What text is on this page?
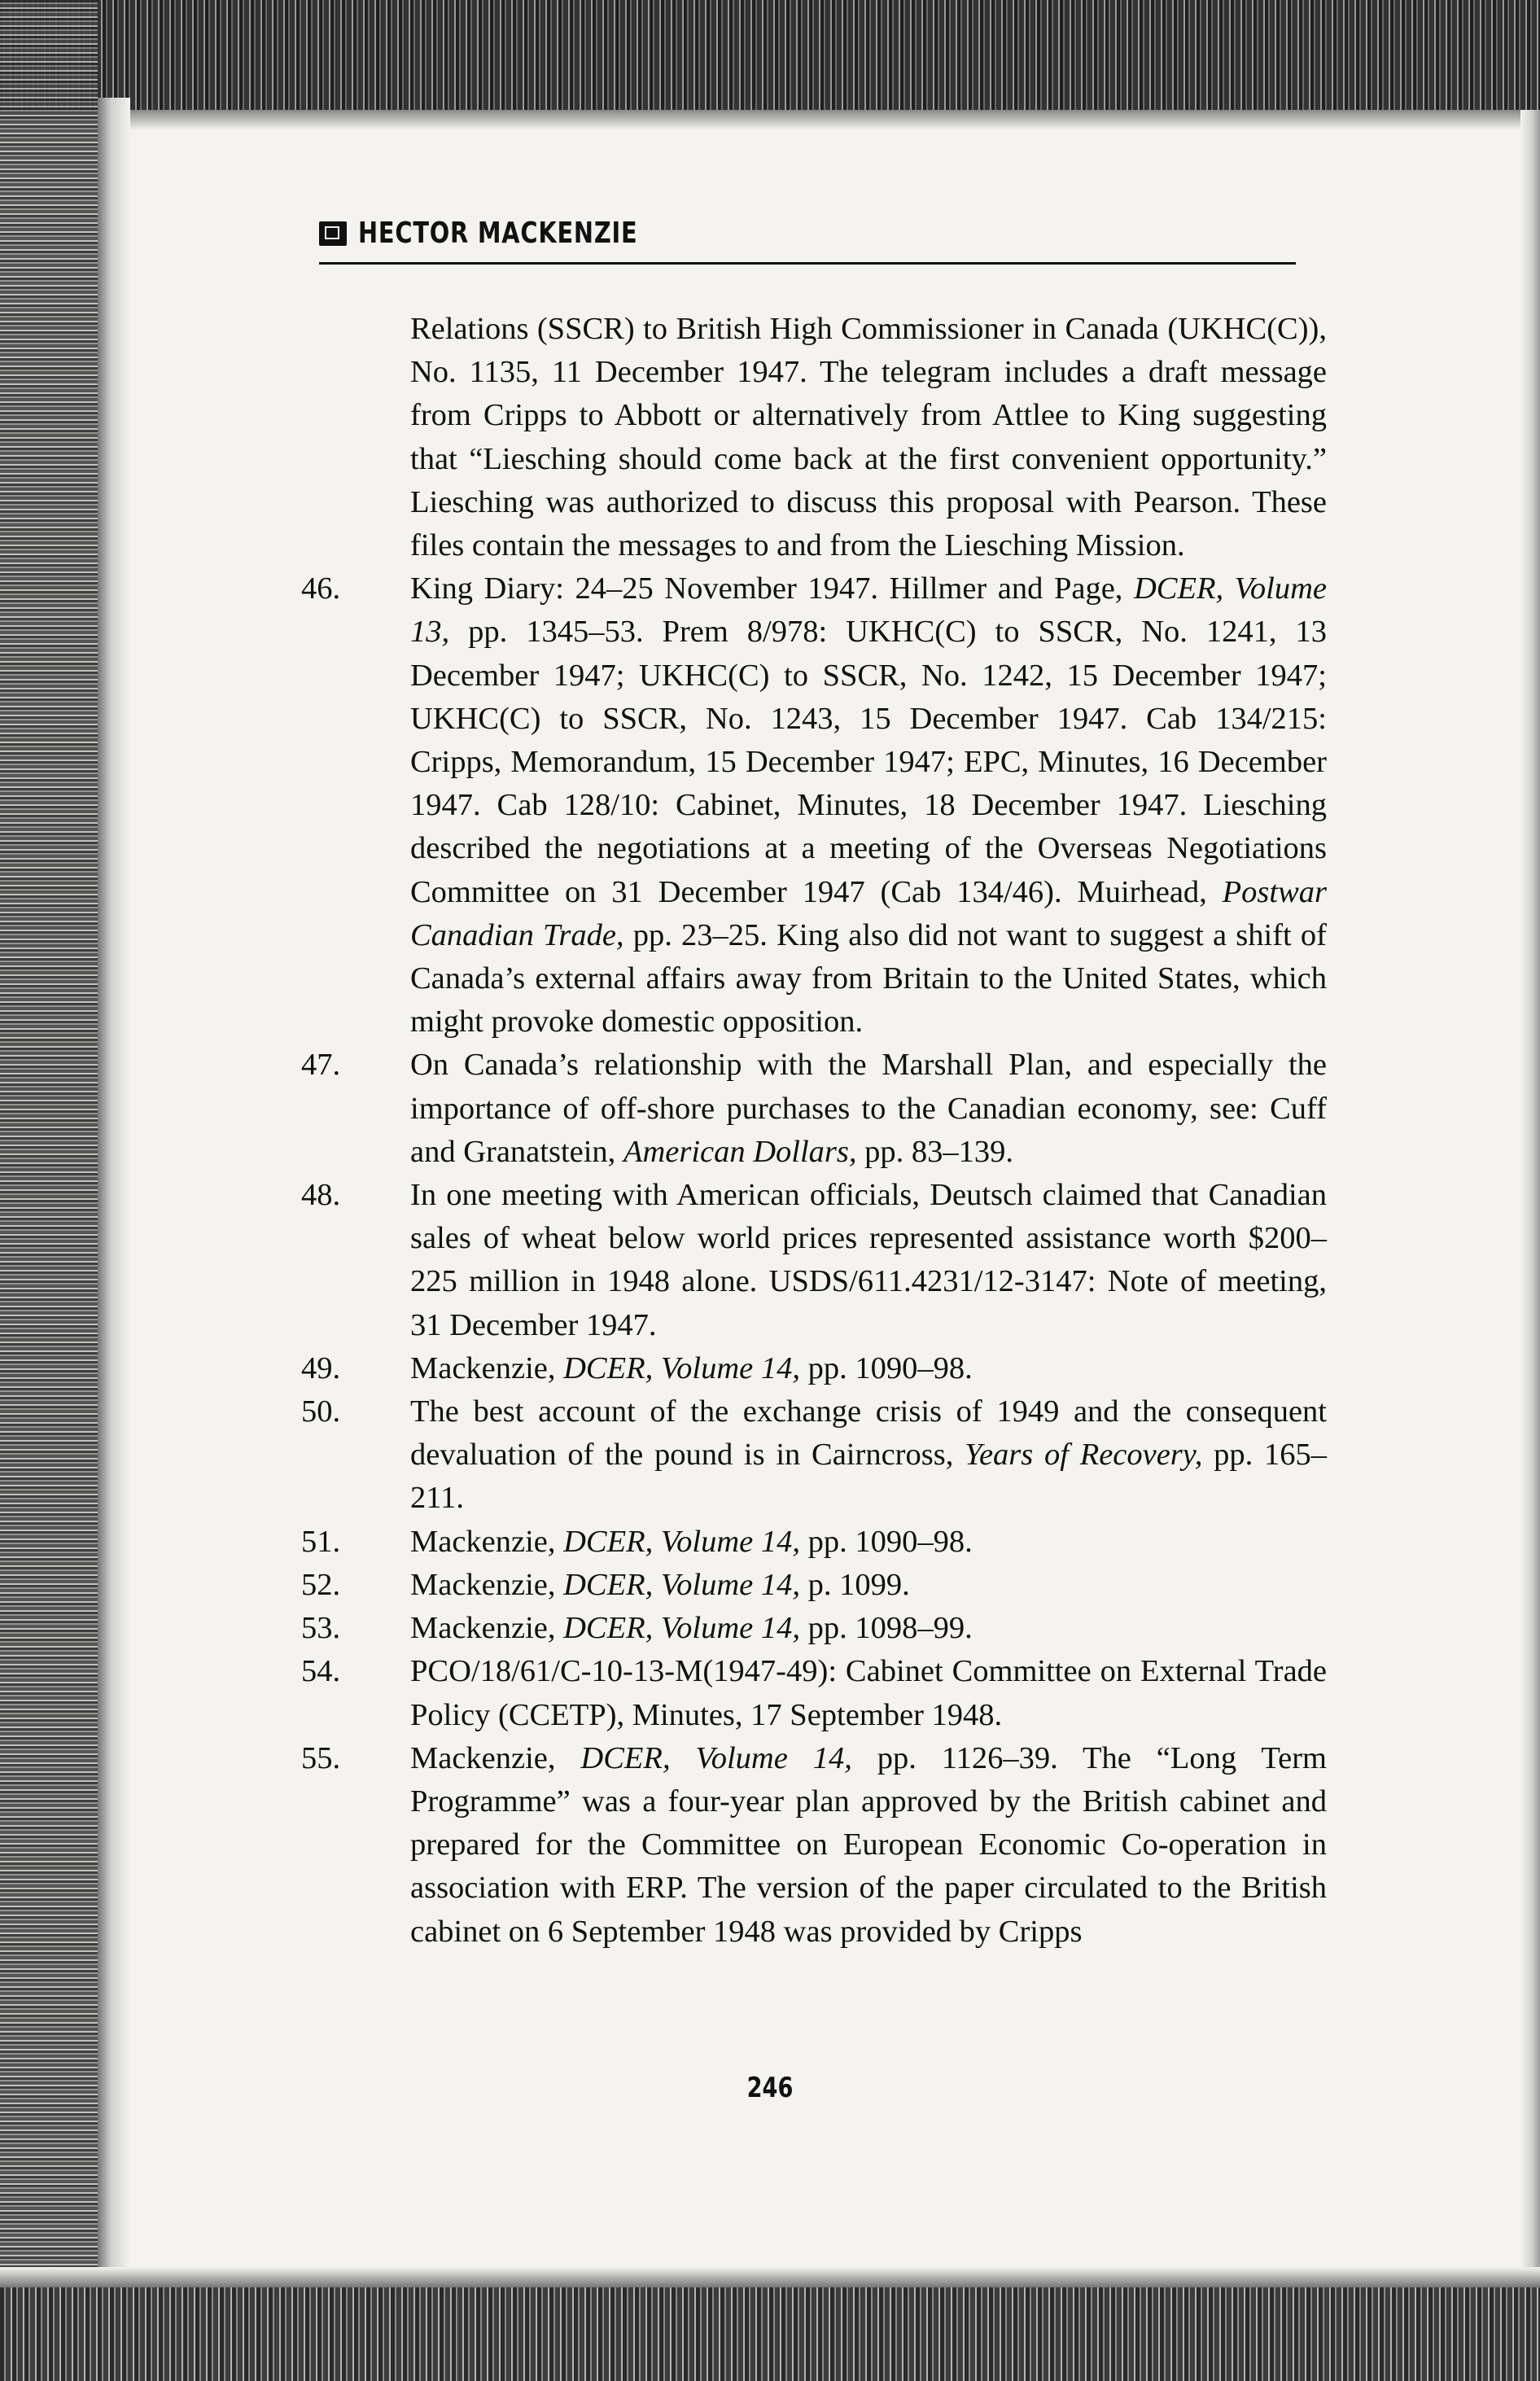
HECTOR MACKENZIE
Relations (SSCR) to British High Commissioner in Canada (UKHC(C)), No. 1135, 11 December 1947. The telegram includes a draft message from Cripps to Abbott or alternatively from Attlee to King suggesting that “Liesching should come back at the first convenient opportunity.” Liesching was authorized to discuss this proposal with Pearson. These files contain the messages to and from the Liesching Mission.
46.	King Diary: 24–25 November 1947. Hillmer and Page, DCER, Volume 13, pp. 1345–53. Prem 8/978: UKHC(C) to SSCR, No. 1241, 13 December 1947; UKHC(C) to SSCR, No. 1242, 15 December 1947; UKHC(C) to SSCR, No. 1243, 15 December 1947. Cab 134/215: Cripps, Memorandum, 15 December 1947; EPC, Minutes, 16 December 1947. Cab 128/10: Cabinet, Minutes, 18 December 1947. Liesching described the negotiations at a meeting of the Overseas Negotiations Committee on 31 December 1947 (Cab 134/46). Muirhead, Postwar Canadian Trade, pp. 23–25. King also did not want to suggest a shift of Canada’s external affairs away from Britain to the United States, which might provoke domestic opposition.
47.	On Canada’s relationship with the Marshall Plan, and especially the importance of off-shore purchases to the Canadian economy, see: Cuff and Granatstein, American Dollars, pp. 83–139.
48.	In one meeting with American officials, Deutsch claimed that Canadian sales of wheat below world prices represented assistance worth $200–225 million in 1948 alone. USDS/611.4231/12-3147: Note of meeting, 31 December 1947.
49.	Mackenzie, DCER, Volume 14, pp. 1090–98.
50.	The best account of the exchange crisis of 1949 and the consequent devaluation of the pound is in Cairncross, Years of Recovery, pp. 165–211.
51.	Mackenzie, DCER, Volume 14, pp. 1090–98.
52.	Mackenzie, DCER, Volume 14, p. 1099.
53.	Mackenzie, DCER, Volume 14, pp. 1098–99.
54.	PCO/18/61/C-10-13-M(1947-49): Cabinet Committee on External Trade Policy (CCETP), Minutes, 17 September 1948.
55.	Mackenzie, DCER, Volume 14, pp. 1126–39. The “Long Term Programme” was a four-year plan approved by the British cabinet and prepared for the Committee on European Economic Co-operation in association with ERP. The version of the paper circulated to the British cabinet on 6 September 1948 was provided by Cripps
246
